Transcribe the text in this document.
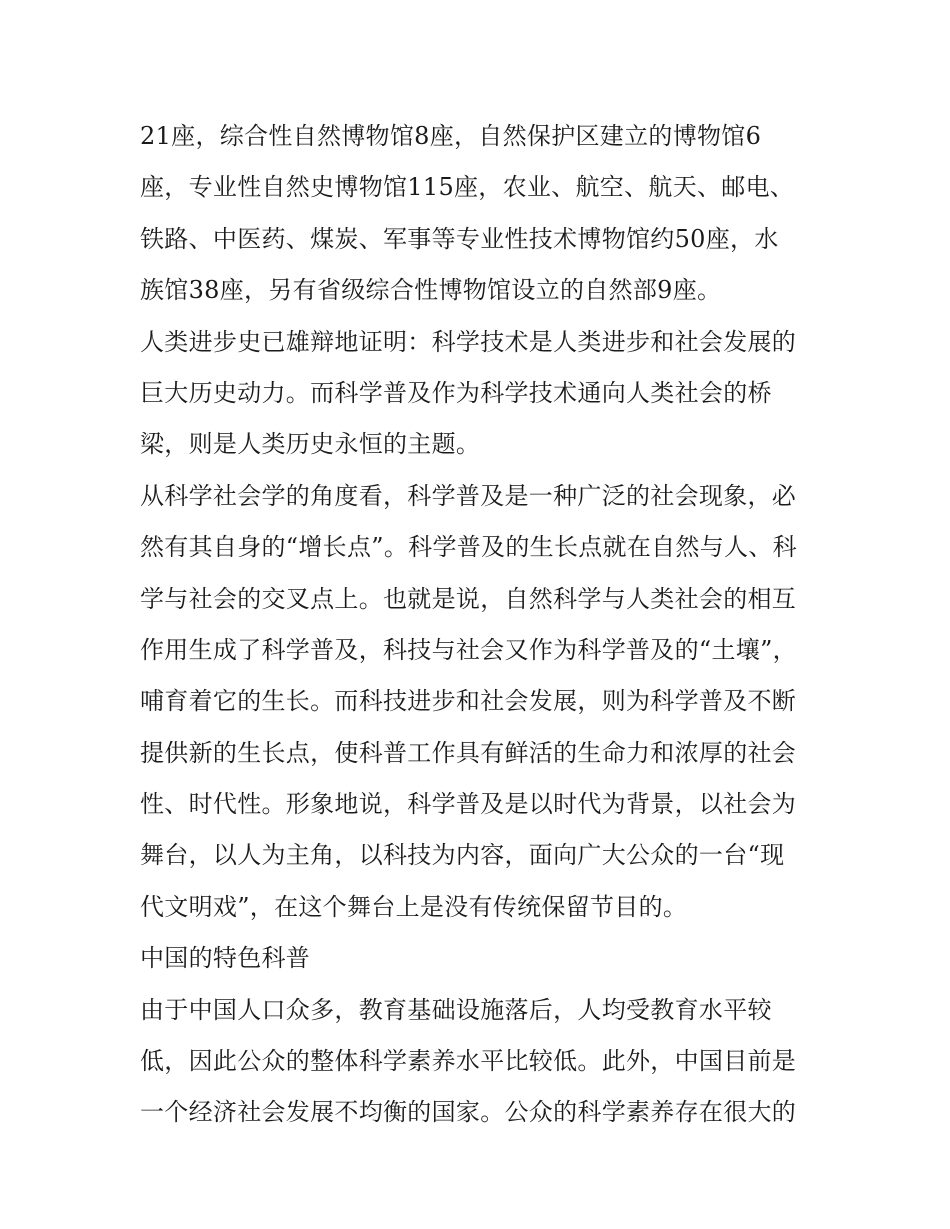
21座，综合性自然博物馆8座，自然保护区建立的博物馆6
座，专业性自然史博物馆115座，农业、航空、航天、邮电、
铁路、中医药、煤炭、军事等专业性技术博物馆约50座，水
族馆38座，另有省级综合性博物馆设立的自然部9座。
人类进步史已雄辩地证明：科学技术是人类进步和社会发展的
巨大历史动力。而科学普及作为科学技术通向人类社会的桥
梁，则是人类历史永恒的主题。
从科学社会学的角度看，科学普及是一种广泛的社会现象，必
然有其自身的“增长点”。科学普及的生长点就在自然与人、科
学与社会的交叉点上。也就是说，自然科学与人类社会的相互
作用生成了科学普及，科技与社会又作为科学普及的“土壤”，
哺育着它的生长。而科技进步和社会发展，则为科学普及不断
提供新的生长点，使科普工作具有鲜活的生命力和浓厚的社会
性、时代性。形象地说，科学普及是以时代为背景，以社会为
舞台，以人为主角，以科技为内容，面向广大公众的一台“现
代文明戏”，在这个舞台上是没有传统保留节目的。
中国的特色科普
由于中国人口众多，教育基础设施落后，人均受教育水平较
低，因此公众的整体科学素养水平比较低。此外，中国目前是
一个经济社会发展不均衡的国家。公众的科学素养存在很大的
